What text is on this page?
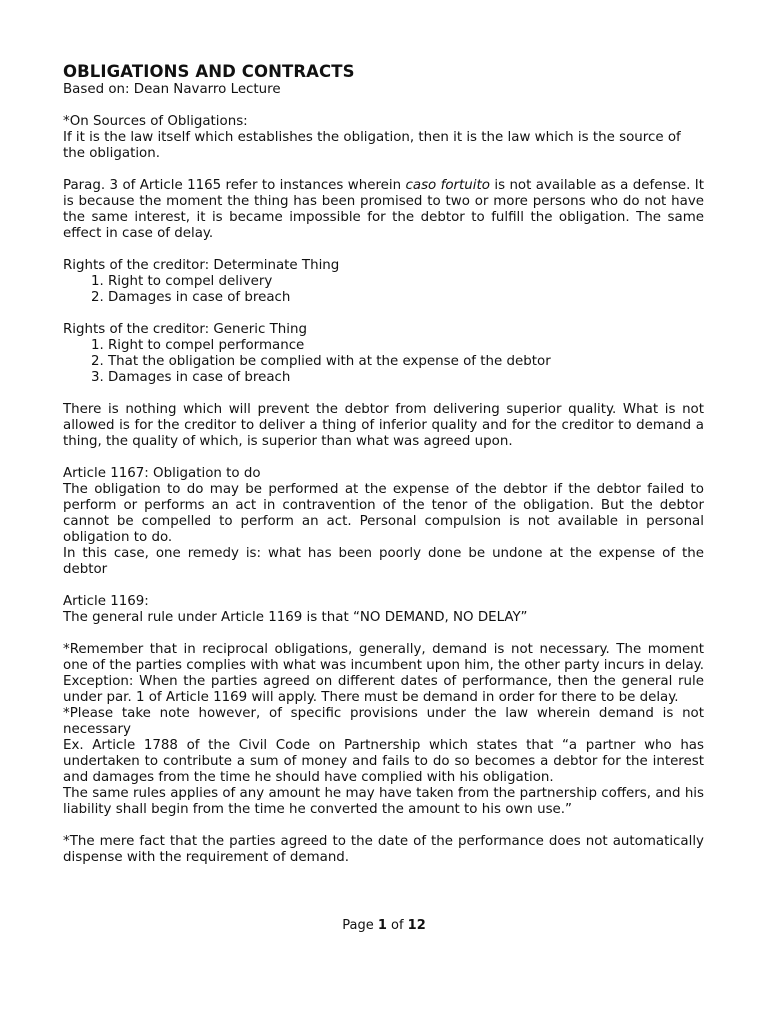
OBLIGATIONS AND CONTRACTS

Based on: Dean Navarro Lecture

*On Sources of Obligations:

If it is the law itself which establishes the obligation, then it is the law which is the source of the obligation.

Parag. 3 of Article 1165 refer to instances wherein caso fortuito is not available as a defense. It is because the moment the thing has been promised to two or more persons who do not have the same interest, it is became impossible for the debtor to fulfill the obligation. The same effect in case of delay.

Rights of the creditor: Determinate Thing

1. Right to compel delivery
2. Damages in case of breach

Rights of the creditor: Generic Thing

1. Right to compel performance
2. That the obligation be complied with at the expense of the debtor
3. Damages in case of breach

There is nothing which will prevent the debtor from delivering superior quality. What is not allowed is for the creditor to deliver a thing of inferior quality and for the creditor to demand a thing, the quality of which, is superior than what was agreed upon.

Article 1167: Obligation to do

The obligation to do may be performed at the expense of the debtor if the debtor failed to perform or performs an act in contravention of the tenor of the obligation. But the debtor cannot be compelled to perform an act. Personal compulsion is not available in personal obligation to do.

In this case, one remedy is: what has been poorly done be undone at the expense of the debtor

Article 1169:

The general rule under Article 1169 is that “NO DEMAND, NO DELAY”

*Remember that in reciprocal obligations, generally, demand is not necessary. The moment one of the parties complies with what was incumbent upon him, the other party incurs in delay.

Exception: When the parties agreed on different dates of performance, then the general rule under par. 1 of Article 1169 will apply. There must be demand in order for there to be delay.

*Please take note however, of specific provisions under the law wherein demand is not necessary

Ex. Article 1788 of the Civil Code on Partnership which states that “a partner who has undertaken to contribute a sum of money and fails to do so becomes a debtor for the interest and damages from the time he should have complied with his obligation.

The same rules applies of any amount he may have taken from the partnership coffers, and his liability shall begin from the time he converted the amount to his own use.”

*The mere fact that the parties agreed to the date of the performance does not automatically dispense with the requirement of demand.

Page 1 of 12
